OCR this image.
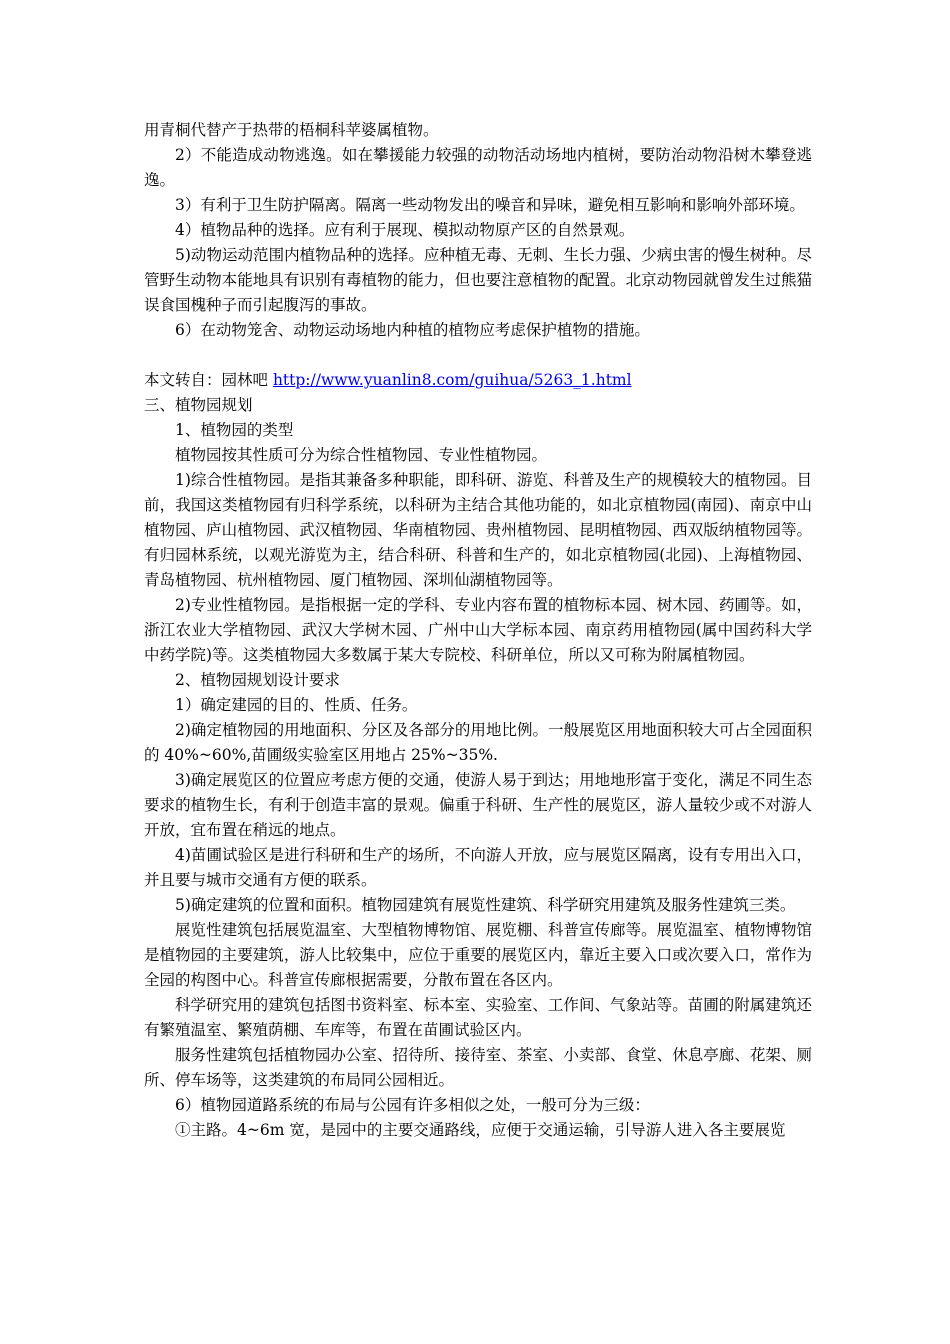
用青桐代替产于热带的梧桐科苹婆属植物。

2）不能造成动物逃逸。如在攀援能力较强的动物活动场地内植树，要防治动物沿树木攀登逃逸。

3）有利于卫生防护隔离。隔离一些动物发出的噪音和异味，避免相互影响和影响外部环境。

4）植物品种的选择。应有利于展现、模拟动物原产区的自然景观。

5)动物运动范围内植物品种的选择。应种植无毒、无刺、生长力强、少病虫害的慢生树种。尽管野生动物本能地具有识别有毒植物的能力，但也要注意植物的配置。北京动物园就曾发生过熊猫误食国槐种子而引起腹泻的事故。

6）在动物笼舍、动物运动场地内种植的植物应考虑保护植物的措施。

本文转自：园林吧 http://www.yuanlin8.com/guihua/5263_1.html

三、植物园规划

1、植物园的类型

植物园按其性质可分为综合性植物园、专业性植物园。

1)综合性植物园。是指其兼备多种职能，即科研、游览、科普及生产的规模较大的植物园。目前，我国这类植物园有归科学系统，以科研为主结合其他功能的，如北京植物园(南园)、南京中山植物园、庐山植物园、武汉植物园、华南植物园、贵州植物园、昆明植物园、西双版纳植物园等。有归园林系统，以观光游览为主，结合科研、科普和生产的，如北京植物园(北园)、上海植物园、青岛植物园、杭州植物园、厦门植物园、深圳仙湖植物园等。

2)专业性植物园。是指根据一定的学科、专业内容布置的植物标本园、树木园、药圃等。如，浙江农业大学植物园、武汉大学树木园、广州中山大学标本园、南京药用植物园(属中国药科大学中药学院)等。这类植物园大多数属于某大专院校、科研单位，所以又可称为附属植物园。

2、植物园规划设计要求

1）确定建园的目的、性质、任务。

2)确定植物园的用地面积、分区及各部分的用地比例。一般展览区用地面积较大可占全园面积的 40%~60%,苗圃级实验室区用地占 25%~35%.

3)确定展览区的位置应考虑方便的交通，使游人易于到达；用地地形富于变化，满足不同生态要求的植物生长，有利于创造丰富的景观。偏重于科研、生产性的展览区，游人量较少或不对游人开放，宜布置在稍远的地点。

4)苗圃试验区是进行科研和生产的场所，不向游人开放，应与展览区隔离，设有专用出入口，并且要与城市交通有方便的联系。

5)确定建筑的位置和面积。植物园建筑有展览性建筑、科学研究用建筑及服务性建筑三类。

展览性建筑包括展览温室、大型植物博物馆、展览棚、科普宣传廊等。展览温室、植物博物馆是植物园的主要建筑，游人比较集中，应位于重要的展览区内，靠近主要入口或次要入口，常作为全园的构图中心。科普宣传廊根据需要，分散布置在各区内。

科学研究用的建筑包括图书资料室、标本室、实验室、工作间、气象站等。苗圃的附属建筑还有繁殖温室、繁殖荫棚、车库等，布置在苗圃试验区内。

服务性建筑包括植物园办公室、招待所、接待室、茶室、小卖部、食堂、休息亭廊、花架、厕所、停车场等，这类建筑的布局同公园相近。

6）植物园道路系统的布局与公园有许多相似之处，一般可分为三级：

①主路。4~6m 宽，是园中的主要交通路线，应便于交通运输，引导游人进入各主要展览
